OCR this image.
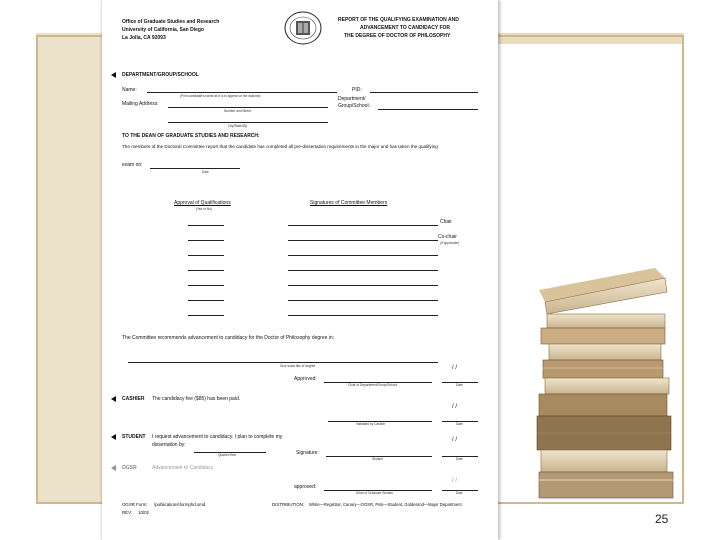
25
Office of Graduate Studies and Research
University of California, San Diego
La Jolla, CA 92093
REPORT OF THE QUALIFYING EXAMINATION AND
ADVANCEMENT TO CANDIDACY FOR
THE DEGREE OF DOCTOR OF PHILOSOPHY
DEPARTMENT/GROUP/SCHOOL
Name:
(Print candidate's name as it is to appear on the diploma)
PID:
Mailing Address:
Number and Street
Department/
Group/School:
City/State/Zip
TO THE DEAN OF GRADUATE STUDIES AND RESEARCH:
The members of the Doctoral Committee report that the candidate has completed all pre-dissertation requirements in the major and has taken the qualifying
exam on:
Date
Approval of Qualifications
(Yes or No)
Signatures of Committee Members
Chair
Co-chair
(If applicable)
The Committee recommends advancement to candidacy for the Doctor of Philosophy degree in:
Give exact title of degree	/ /
Approved:
Chair of Department/Group/School	Date
CASHIER The candidacy fee ($85) has been paid.
/ /
Validated by Cashier	Date
STUDENT I request advancement to candidacy. I plan to complete my
dissertation by:
/ /
Quarter/Year	Signature:
Student	Date
OGSR	Advancement to Candidacy
/ /
approved:
Dean of Graduate Studies	Date
OGSR Form: \publications\formphd.xmd
REV: 10/02
DISTRIBUTION: White—Registrar, Canary—OGSR, Pink—Student, Goldenrod—Major Department
